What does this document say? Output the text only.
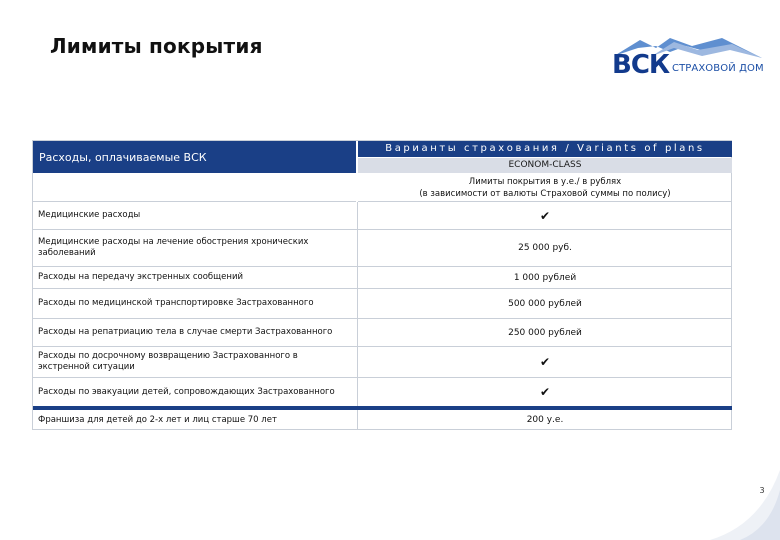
Лимиты покрытия
ВСК СТРАХОВОЙ ДОМ
Расходы, оплачиваемые ВСК
Варианты страхования / Variants of plans
ECONOM-CLASS
Лимиты покрытия в у.е./ в рублях
(в зависимости от валюты Страховой суммы по полису)
Медицинские расходы	✔
Медицинские расходы на лечение обострения хронических заболеваний	25 000 руб.
Расходы на передачу экстренных сообщений	1 000 рублей
Расходы по медицинской транспортировке Застрахованного	500 000 рублей
Расходы на репатриацию тела в случае смерти Застрахованного	250 000 рублей
Расходы по досрочному возвращению Застрахованного в экстренной ситуации	✔
Расходы по эвакуации детей, сопровождающих Застрахованного	✔
Франшиза для детей до 2-х лет и лиц старше 70 лет	200 у.е.
3
